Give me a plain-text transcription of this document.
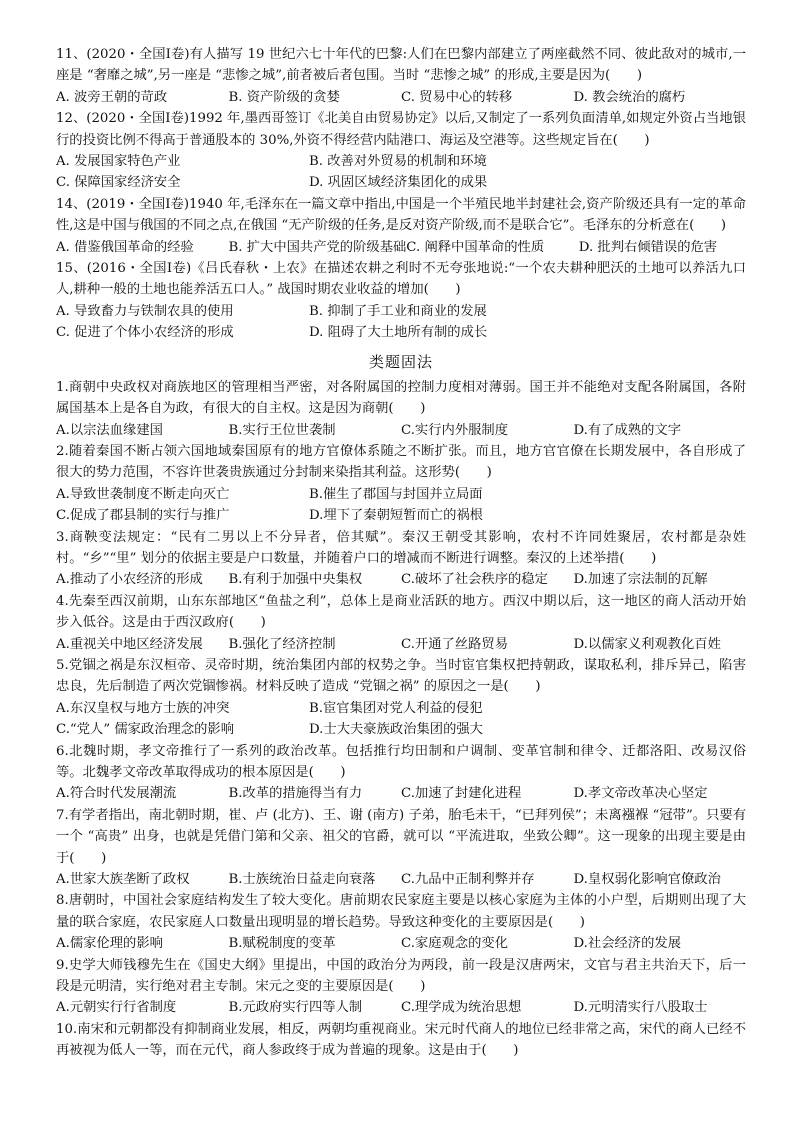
11、(2020・全国Ⅰ卷)有人描写 19 世纪六七十年代的巴黎:人们在巴黎内部建立了两座截然不同、彼此敌对的城市,一座是 “奢靡之城”,另一座是 “悲惨之城”,前者被后者包围。当时 “悲惨之城” 的形成,主要是因为(　　)

A. 波旁王朝的苛政	B. 资产阶级的贪婪	C. 贸易中心的转移	D. 教会统治的腐朽

12、(2020・全国Ⅰ卷)1992 年,墨西哥签订《北美自由贸易协定》以后,又制定了一系列负面清单,如规定外资占当地银行的投资比例不得高于普通股本的 30%,外资不得经营内陆港口、海运及空港等。这些规定旨在(　　)

A. 发展国家特色产业	B. 改善对外贸易的机制和环境
C. 保障国家经济安全	D. 巩固区域经济集团化的成果

14、(2019・全国Ⅰ卷)1940 年,毛泽东在一篇文章中指出,中国是一个半殖民地半封建社会,资产阶级还具有一定的革命性,这是中国与俄国的不同之点,在俄国 “无产阶级的任务,是反对资产阶级,而不是联合它”。毛泽东的分析意在(　　)

A. 借鉴俄国革命的经验	B. 扩大中国共产党的阶级基础 C. 阐释中国革命的性质	D. 批判右倾错误的危害

15、(2016・全国Ⅰ卷)《吕氏春秋・上农》在描述农耕之利时不无夸张地说:“一个农夫耕种肥沃的土地可以养活九口人,耕种一般的土地也能养活五口人。” 战国时期农业收益的增加(　　)

A. 导致畜力与铁制农具的使用	B. 抑制了手工业和商业的发展
C. 促进了个体小农经济的形成	D. 阻碍了大土地所有制的成长
类题固法

1.商朝中央政权对商族地区的管理相当严密，对各附属国的控制力度相对薄弱。国王并不能绝对支配各附属国，各附属国基本上是各自为政，有很大的自主权。这是因为商朝(　　)

A.以宗法血缘建国	B.实行王位世袭制	C.实行内外服制度	D.有了成熟的文字

2.随着秦国不断占领六国地域秦国原有的地方官僚体系随之不断扩张。而且，地方官官僚在长期发展中，各自形成了很大的势力范围，不容许世袭贵族通过分封制来染指其利益。这形势(　　)

A.导致世袭制度不断走向灭亡	B.催生了郡国与封国并立局面
C.促成了郡县制的实行与推广	D.埋下了秦朝短暂而亡的祸根

3.商鞅变法规定：“民有二男以上不分异者，倍其赋”。秦汉王朝受其影响，农村不许同姓聚居，农村都是杂姓村。“乡”“里” 划分的依据主要是户口数量，并随着户口的增减而不断进行调整。秦汉的上述举措(　　)

A.推动了小农经济的形成	B.有利于加强中央集权	C.破坏了社会秩序的稳定	D.加速了宗法制的瓦解

4.先秦至西汉前期，山东东部地区“鱼盐之利”，总体上是商业活跃的地方。西汉中期以后，这一地区的商人活动开始步入低谷。这是由于西汉政府(　　)

A.重视关中地区经济发展	B.强化了经济控制	C.开通了丝路贸易	D.以儒家义利观教化百姓

5.党锢之祸是东汉桓帝、灵帝时期，统治集团内部的权势之争。当时宦官集权把持朝政，谋取私利，排斥异己，陷害忠良，先后制造了两次党锢惨祸。材料反映了造成 “党锢之祸” 的原因之一是(　　)

A.东汉皇权与地方士族的冲突	B.宦官集团对党人利益的侵犯
C.“党人” 儒家政治理念的影响	D.士大夫豪族政治集团的强大

6.北魏时期，孝文帝推行了一系列的政治改革。包括推行均田制和户调制、变革官制和律令、迁都洛阳、改易汉俗等。北魏孝文帝改革取得成功的根本原因是(　　)

A.符合时代发展潮流	B.改革的措施得当有力	C.加速了封建化进程	D.孝文帝改革决心坚定

7.有学者指出，南北朝时期，崔、卢 (北方)、王、谢 (南方) 子弟，胎毛未干，“已拜列侯”；未离襁褓 “冠带”。只要有一个 “高贵” 出身，也就是凭借门第和父亲、祖父的官爵，就可以 “平流进取，坐致公卿”。这一现象的出现主要是由于(　　)

A.世家大族垄断了政权	B.士族统治日益走向衰落	C.九品中正制利弊并存	D.皇权弱化影响官僚政治

8.唐朝时，中国社会家庭结构发生了较大变化。唐前期农民家庭主要是以核心家庭为主体的小户型，后期则出现了大量的联合家庭，农民家庭人口数量出现明显的增长趋势。导致这种变化的主要原因是(　　)

A.儒家伦理的影响	B.赋税制度的变革	C.家庭观念的变化	D.社会经济的发展

9.史学大师钱穆先生在《国史大纲》里提出，中国的政治分为两段，前一段是汉唐两宋，文官与君主共治天下，后一段是元明清，实行绝对君主专制。宋元之变的主要原因是(　　)

A.元朝实行行省制度	B.元政府实行四等人制	C.理学成为统治思想	D.元明清实行八股取士

10.南宋和元朝都没有抑制商业发展，相反，两朝均重视商业。宋元时代商人的地位已经非常之高，宋代的商人已经不再被视为低人一等，而在元代，商人参政终于成为普遍的现象。这是由于(　　)
